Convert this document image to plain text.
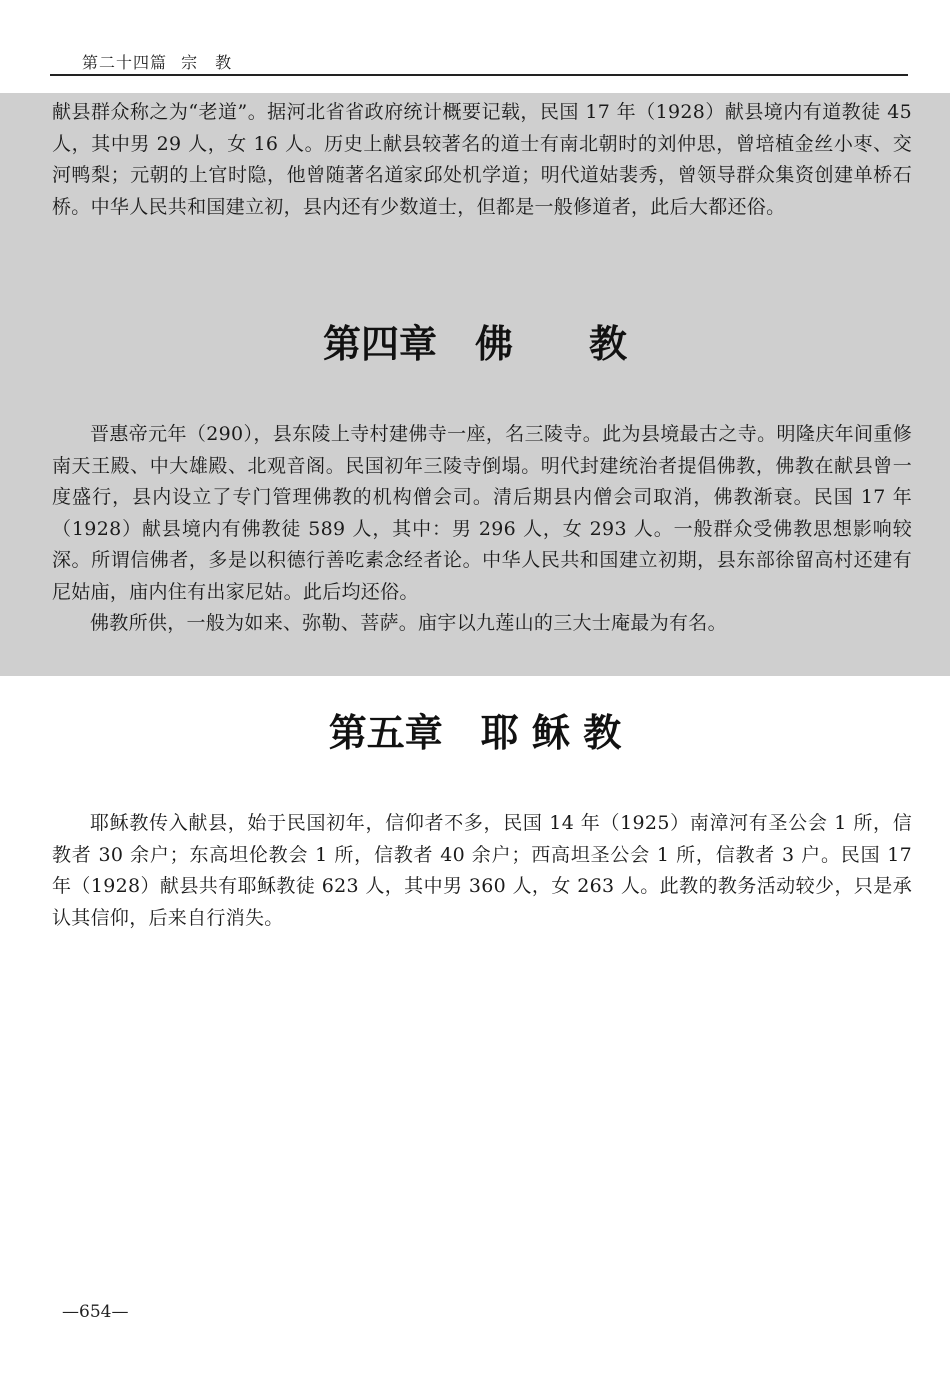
第二十四篇 宗　教

献县群众称之为“老道”。据河北省省政府统计概要记载，民国 17 年（1928）献县境内有道教徒 45 人，其中男 29 人，女 16 人。历史上献县较著名的道士有南北朝时的刘仲思，曾培植金丝小枣、交河鸭梨；元朝的上官时隐，他曾随著名道家邱处机学道；明代道姑裴秀，曾领导群众集资创建单桥石桥。中华人民共和国建立初，县内还有少数道士，但都是一般修道者，此后大都还俗。

第四章　佛　　教

晋惠帝元年（290），县东陵上寺村建佛寺一座，名三陵寺。此为县境最古之寺。明隆庆年间重修南天王殿、中大雄殿、北观音阁。民国初年三陵寺倒塌。明代封建统治者提倡佛教，佛教在献县曾一度盛行，县内设立了专门管理佛教的机构僧会司。清后期县内僧会司取消，佛教渐衰。民国 17 年（1928）献县境内有佛教徒 589 人，其中：男 296 人，女 293 人。一般群众受佛教思想影响较深。所谓信佛者，多是以积德行善吃素念经者论。中华人民共和国建立初期，县东部徐留高村还建有尼姑庙，庙内住有出家尼姑。此后均还俗。

佛教所供，一般为如来、弥勒、菩萨。庙宇以九莲山的三大士庵最为有名。

第五章　耶 稣 教

耶稣教传入献县，始于民国初年，信仰者不多，民国 14 年（1925）南漳河有圣公会 1 所，信教者 30 余户；东高坦伦教会 1 所，信教者 40 余户；西高坦圣公会 1 所，信教者 3 户。民国 17 年（1928）献县共有耶稣教徒 623 人，其中男 360 人，女 263 人。此教的教务活动较少，只是承认其信仰，后来自行消失。

—654—
